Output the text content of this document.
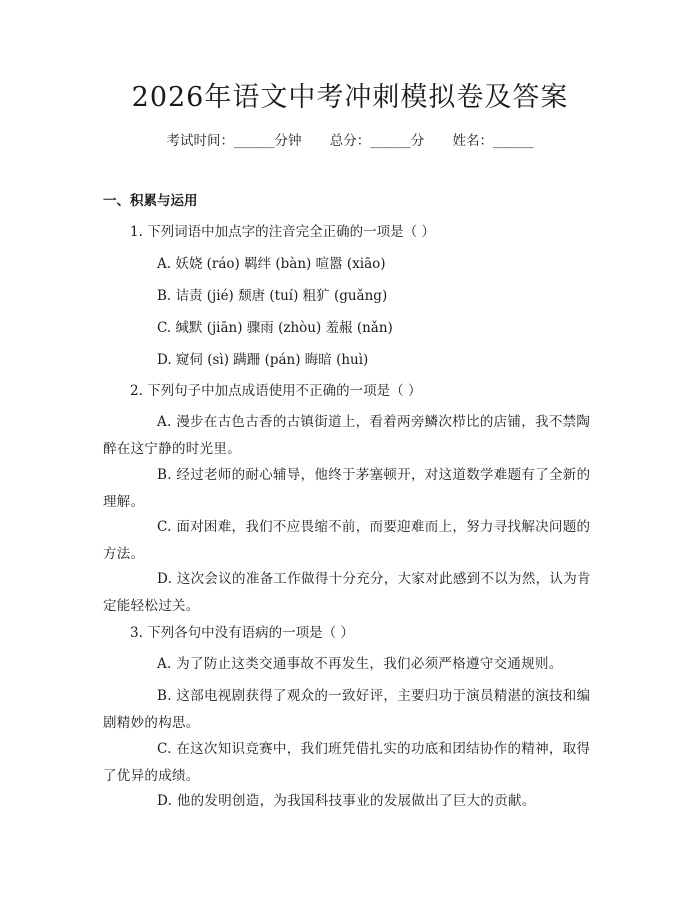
2026年语文中考冲刺模拟卷及答案
考试时间：______分钟 总分：______分 姓名：______
一、积累与运用
1. 下列词语中加点字的注音完全正确的一项是（ ）
A. 妖娆 (ráo) 羁绊 (bàn) 喧嚣 (xiāo)
B. 诘责 (jié) 颓唐 (tuí) 粗犷 (guǎng)
C. 缄默 (jiān) 骤雨 (zhòu) 羞赧 (nǎn)
D. 窥伺 (sì) 蹒跚 (pán) 晦暗 (huì)
2. 下列句子中加点成语使用不正确的一项是（ ）
A. 漫步在古色古香的古镇街道上，看着两旁鳞次栉比的店铺，我不禁陶醉在这宁静的时光里。
B. 经过老师的耐心辅导，他终于茅塞顿开，对这道数学难题有了全新的理解。
C. 面对困难，我们不应畏缩不前，而要迎难而上，努力寻找解决问题的方法。
D. 这次会议的准备工作做得十分充分，大家对此感到不以为然，认为肯定能轻松过关。
3. 下列各句中没有语病的一项是（ ）
A. 为了防止这类交通事故不再发生，我们必须严格遵守交通规则。
B. 这部电视剧获得了观众的一致好评，主要归功于演员精湛的演技和编剧精妙的构思。
C. 在这次知识竞赛中，我们班凭借扎实的功底和团结协作的精神，取得了优异的成绩。
D. 他的发明创造，为我国科技事业的发展做出了巨大的贡献。
